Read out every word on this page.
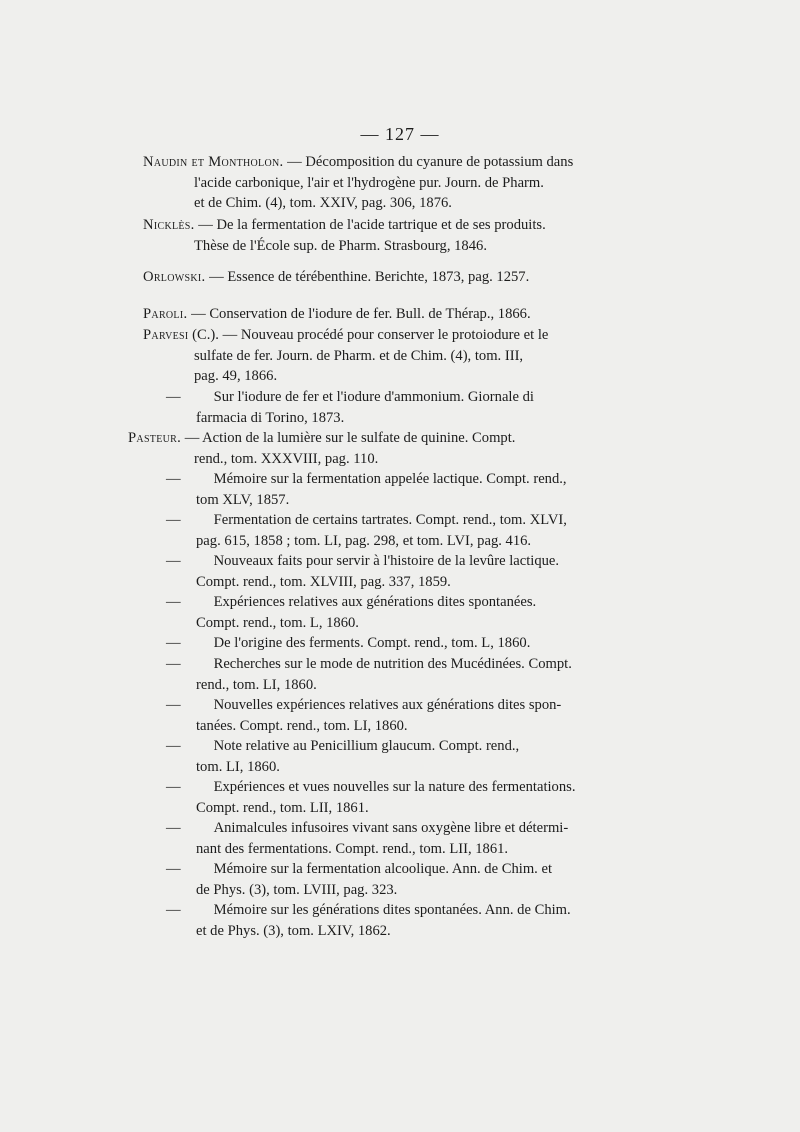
— 127 —
Naudin et Montholon. — Décomposition du cyanure de potassium dans
l'acide carbonique, l'air et l'hydrogène pur. Journ. de Pharm.
et de Chim. (4), tom. XXIV, pag. 306, 1876.
Nicklès. — De la fermentation de l'acide tartrique et de ses produits.
Thèse de l'École sup. de Pharm. Strasbourg, 1846.
Orlowski. — Essence de térébenthine. Berichte, 1873, pag. 1257.
Paroli. — Conservation de l'iodure de fer. Bull. de Thérap., 1866.
Parvesi (C.). — Nouveau procédé pour conserver le protoiodure et le
sulfate de fer. Journ. de Pharm. et de Chim. (4), tom. III,
pag. 49, 1866.
— Sur l'iodure de fer et l'iodure d'ammonium. Giornale di
farmacia di Torino, 1873.
Pasteur. — Action de la lumière sur le sulfate de quinine. Compt.
rend., tom. XXXVIII, pag. 110.
— Mémoire sur la fermentation appelée lactique. Compt. rend.,
tom XLV, 1857.
— Fermentation de certains tartrates. Compt. rend., tom. XLVI,
pag. 615, 1858 ; tom. LI, pag. 298, et tom. LVI, pag. 416.
— Nouveaux faits pour servir à l'histoire de la levûre lactique.
Compt. rend., tom. XLVIII, pag. 337, 1859.
— Expériences relatives aux générations dites spontanées.
Compt. rend., tom. L, 1860.
— De l'origine des ferments. Compt. rend., tom. L, 1860.
— Recherches sur le mode de nutrition des Mucédinées. Compt.
rend., tom. LI, 1860.
— Nouvelles expériences relatives aux générations dites spon-
tanées. Compt. rend., tom. LI, 1860.
— Note relative au Penicillium glaucum. Compt. rend.,
tom. LI, 1860.
— Expériences et vues nouvelles sur la nature des fermentations.
Compt. rend., tom. LII, 1861.
— Animalcules infusoires vivant sans oxygène libre et détermi-
nant des fermentations. Compt. rend., tom. LII, 1861.
— Mémoire sur la fermentation alcoolique. Ann. de Chim. et
de Phys. (3), tom. LVIII, pag. 323.
— Mémoire sur les générations dites spontanées. Ann. de Chim.
et de Phys. (3), tom. LXIV, 1862.
